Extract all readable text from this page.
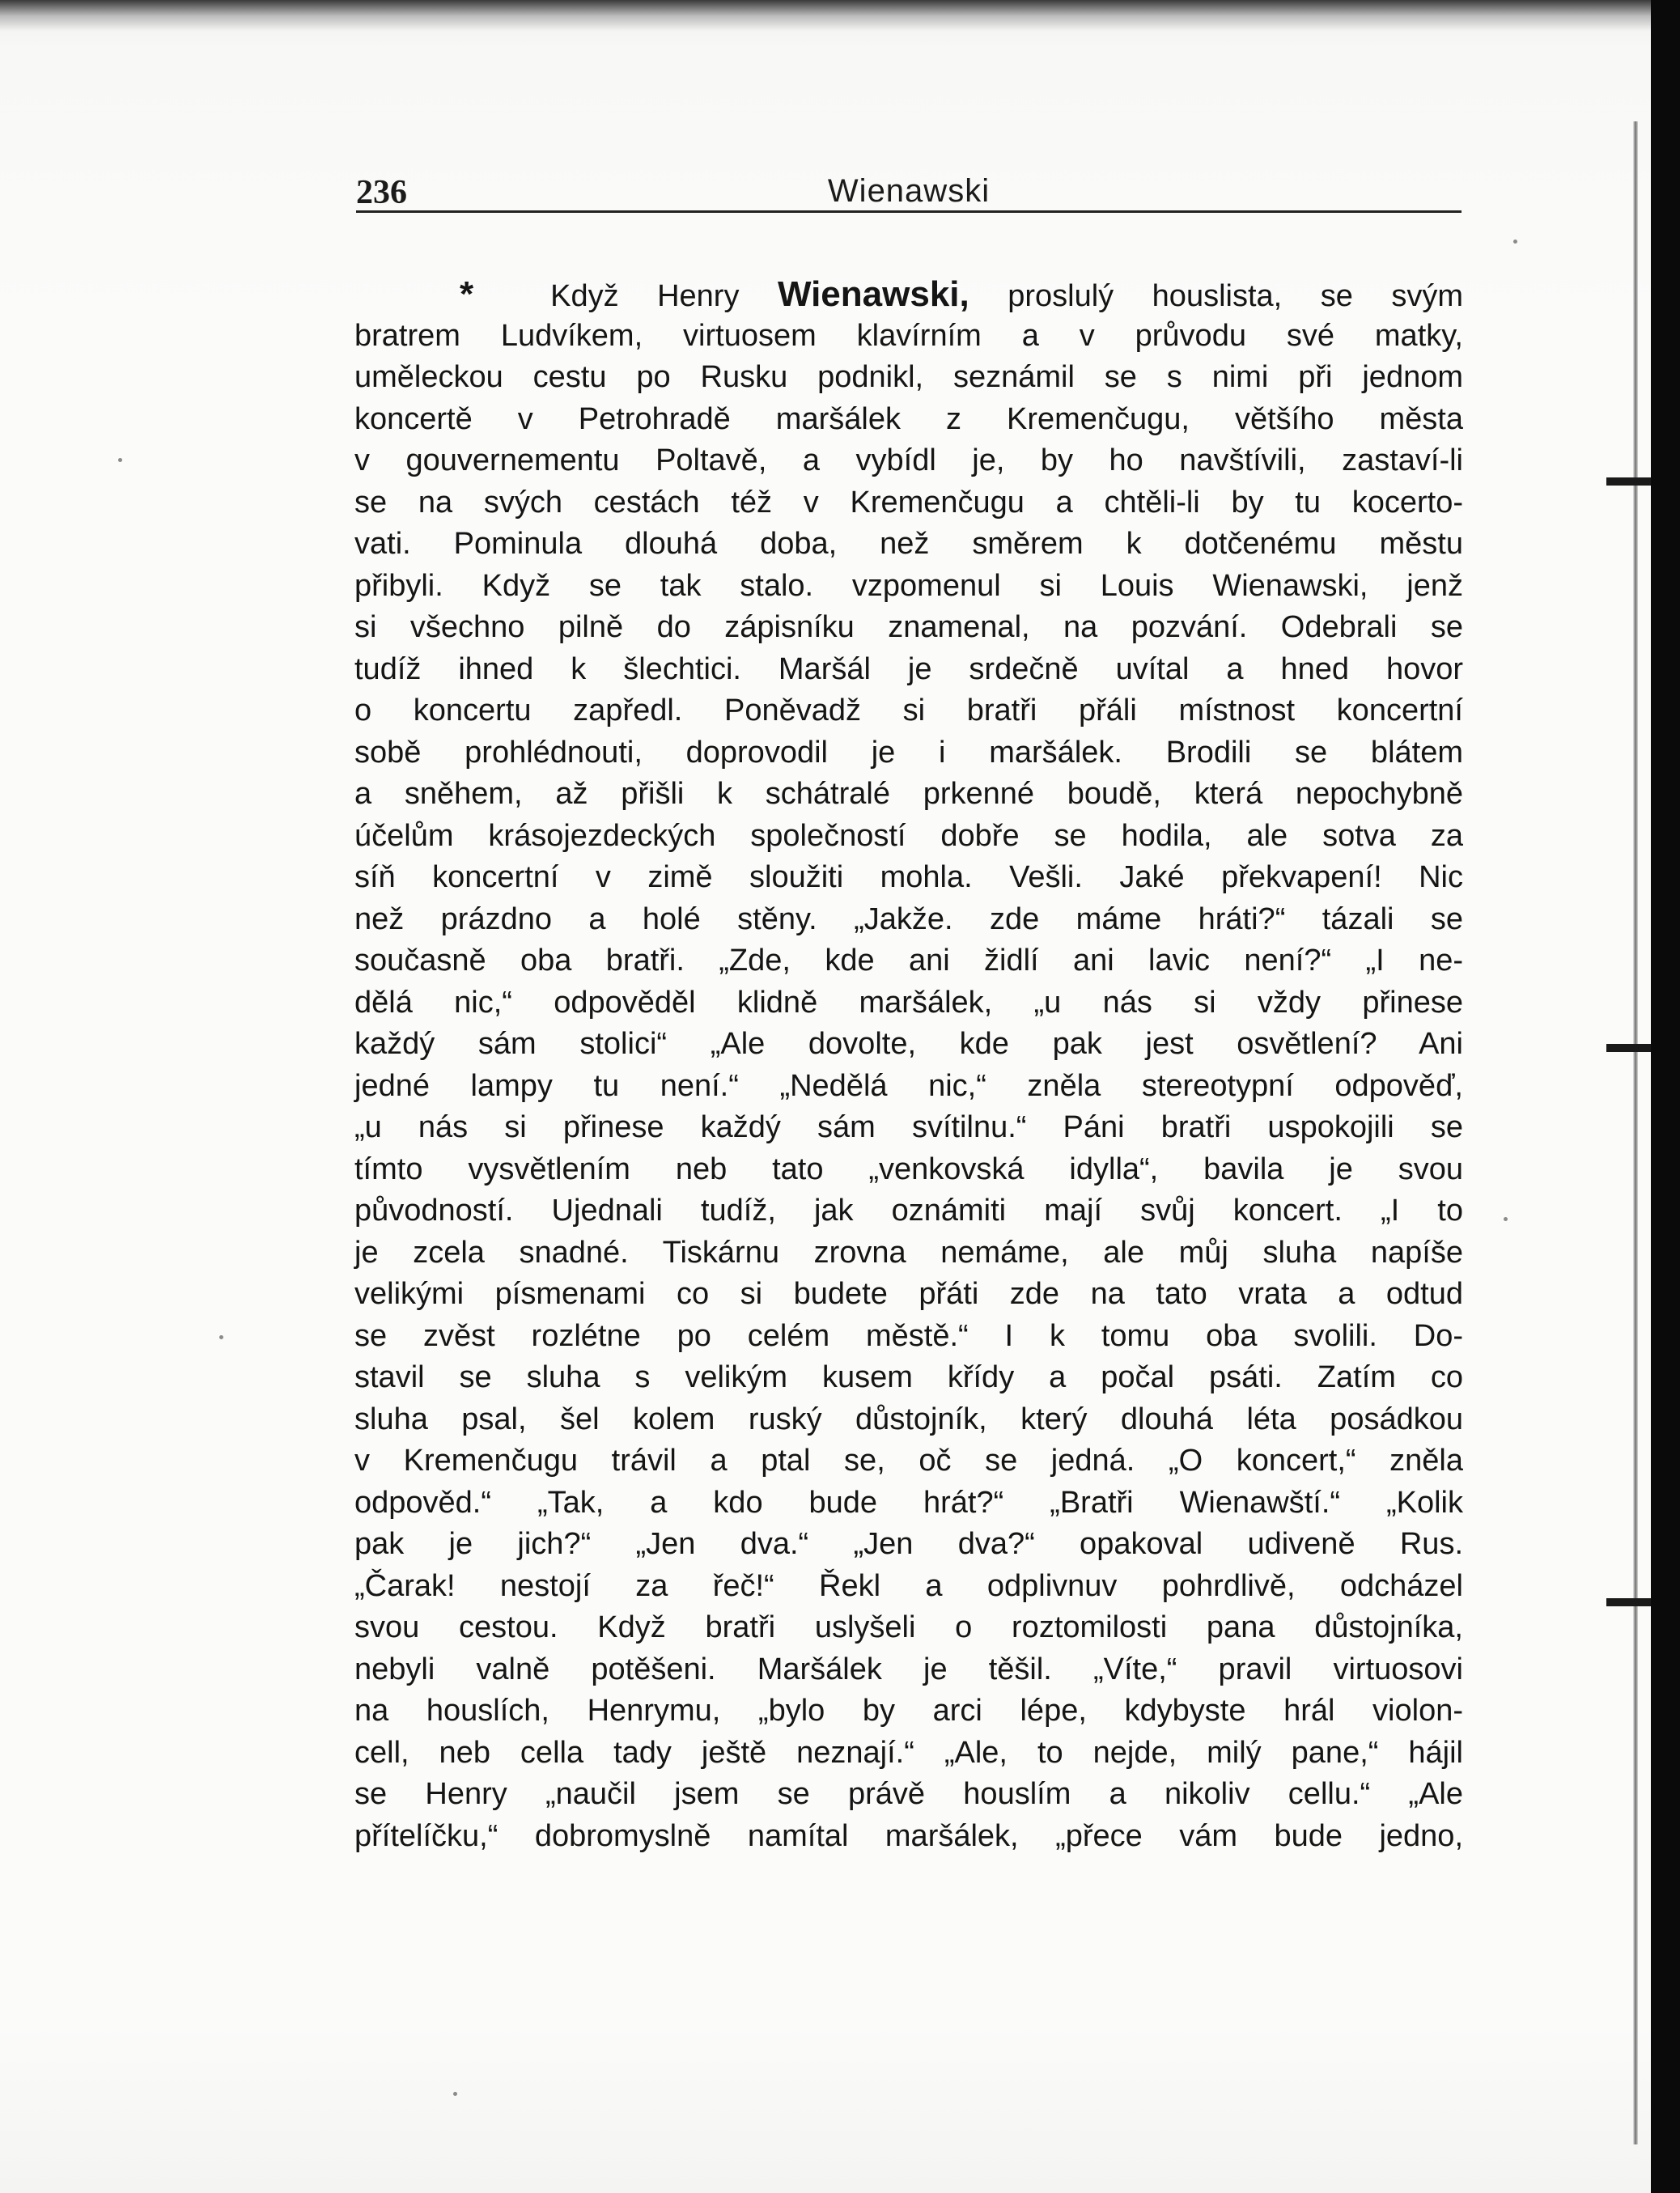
236	Wienawski
* Když Henry Wienawski, proslulý houslista, se svým
bratrem Ludvíkem, virtuosem klavírním a v průvodu své matky,
uměleckou cestu po Rusku podnikl, seznámil se s nimi při jednom
koncertě v Petrohradě maršálek z Kremenčugu, většího města
v gouvernementu Poltavě, a vybídl je, by ho navštívili, zastaví-li
se na svých cestách též v Kremenčugu a chtěli-li by tu kocerto-
vati. Pominula dlouhá doba, než směrem k dotčenému městu
přibyli. Když se tak stalo. vzpomenul si Louis Wienawski, jenž
si všechno pilně do zápisníku znamenal, na pozvání. Odebrali se
tudíž ihned k šlechtici. Maršál je srdečně uvítal a hned hovor
o koncertu zapředl. Poněvadž si bratři přáli místnost koncertní
sobě prohlédnouti, doprovodil je i maršálek. Brodili se blátem
a sněhem, až přišli k schátralé prkenné boudě, která nepochybně
účelům krásojezdeckých společností dobře se hodila, ale sotva za
síň koncertní v zimě sloužiti mohla. Vešli. Jaké překvapení! Nic
než prázdno a holé stěny. „Jakže. zde máme hráti?“ tázali se
současně oba bratři. „Zde, kde ani židlí ani lavic není?“ „I ne-
dělá nic,“ odpověděl klidně maršálek, „u nás si vždy přinese
každý sám stolici“ „Ale dovolte, kde pak jest osvětlení? Ani
jedné lampy tu není.“ „Nedělá nic,“ zněla stereotypní odpověď,
„u nás si přinese každý sám svítilnu.“ Páni bratři uspokojili se
tímto vysvětlením neb tato „venkovská idylla“, bavila je svou
původností. Ujednali tudíž, jak oznámiti mají svůj koncert. „I to
je zcela snadné. Tiskárnu zrovna nemáme, ale můj sluha napíše
velikými písmenami co si budete přáti zde na tato vrata a odtud
se zvěst rozlétne po celém městě.“ I k tomu oba svolili. Do-
stavil se sluha s velikým kusem křídy a počal psáti. Zatím co
sluha psal, šel kolem ruský důstojník, který dlouhá léta posádkou
v Kremenčugu trávil a ptal se, oč se jedná. „O koncert,“ zněla
odpověd.“ „Tak, a kdo bude hrát?“ „Bratři Wienawští.“ „Kolik
pak je jich?“ „Jen dva.“ „Jen dva?“ opakoval udiveně Rus.
„Čarak! nestojí za řeč!“ Řekl a odplivnuv pohrdlivě, odcházel
svou cestou. Když bratři uslyšeli o roztomilosti pana důstojníka,
nebyli valně potěšeni. Maršálek je těšil. „Víte,“ pravil virtuosovi
na houslích, Henrymu, „bylo by arci lépe, kdybyste hrál violon-
cell, neb cella tady ještě neznají.“ „Ale, to nejde, milý pane,“ hájil
se Henry „naučil jsem se právě houslím a nikoliv cellu.“ „Ale
přítelíčku,“ dobromyslně namítal maršálek, „přece vám bude jedno,
